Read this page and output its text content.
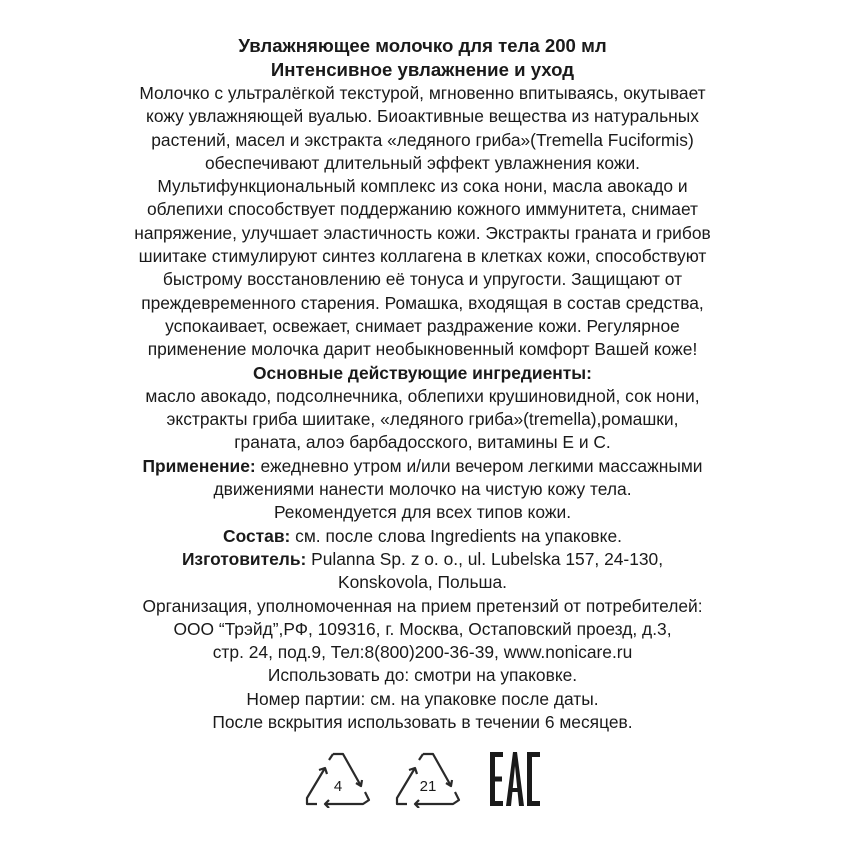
Увлажняющее молочко для тела 200 мл
Интенсивное увлажнение и уход
Молочко с ультралёгкой текстурой, мгновенно впитываясь, окутывает
кожу увлажняющей вуалью. Биоактивные вещества из натуральных
растений, масел и экстракта «ледяного гриба»(Tremella Fuciformis)
обеспечивают длительный эффект увлажнения кожи.
Мультифункциональный комплекс из сока нони, масла авокадо и
облепихи способствует поддержанию кожного иммунитета, снимает
напряжение, улучшает эластичность кожи. Экстракты граната и грибов
шиитаке стимулируют синтез коллагена в клетках кожи, способствуют
быстрому восстановлению её тонуса и упругости. Защищают от
преждевременного старения. Ромашка, входящая в состав средства,
успокаивает, освежает, снимает раздражение кожи. Регулярное
применение молочка дарит необыкновенный комфорт Вашей коже!
Основные действующие ингредиенты:
масло авокадо, подсолнечника, облепихи крушиновидной, сок нони,
экстракты гриба шиитаке, «ледяного гриба»(tremella),ромашки,
граната, алоэ барбадосского, витамины Е и С.
Применение: ежедневно утром и/или вечером легкими массажными
движениями нанести молочко на чистую кожу тела.
Рекомендуется для всех типов кожи.
Состав: см. после слова Ingredients на упаковке.
Изготовитель: Pulanna Sp. z o. o., ul. Lubelska 157, 24-130,
Konskovola, Польша.
Организация, уполномоченная на прием претензий от потребителей:
ООО “Трэйд”,РФ, 109316, г. Москва, Остаповский проезд, д.3,
стр. 24, под.9, Тел:8(800)200-36-39, www.nonicare.ru
Использовать до: смотри на упаковке.
Номер партии: см. на упаковке после даты.
После вскрытия использовать в течении 6 месяцев.
4	21
